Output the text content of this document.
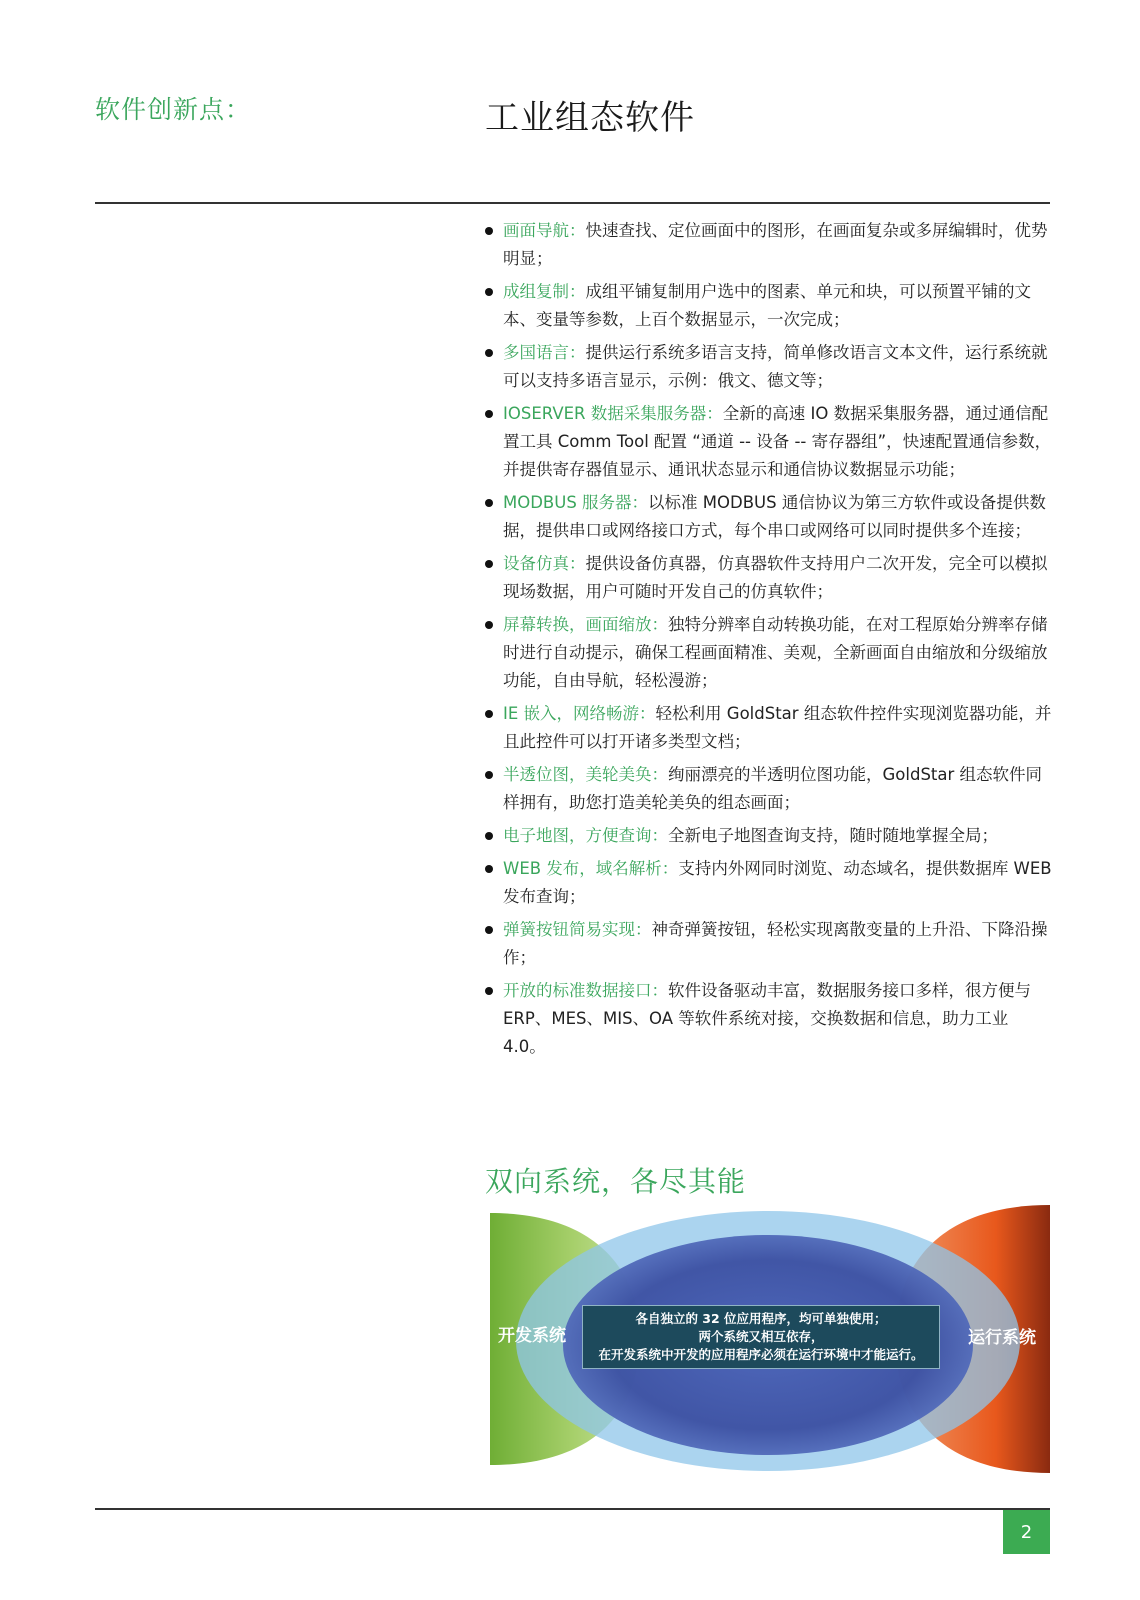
软件创新点：	工业组态软件
画面导航：快速查找、定位画面中的图形，在画面复杂或多屏编辑时，优势明显；
成组复制：成组平铺复制用户选中的图素、单元和块，可以预置平铺的文本、变量等参数，上百个数据显示，一次完成；
多国语言：提供运行系统多语言支持，简单修改语言文本文件，运行系统就可以支持多语言显示，示例：俄文、德文等；
IOSERVER 数据采集服务器：全新的高速 IO 数据采集服务器，通过通信配置工具 Comm Tool 配置 “通道 -- 设备 -- 寄存器组”，快速配置通信参数，并提供寄存器值显示、通讯状态显示和通信协议数据显示功能；
MODBUS 服务器：以标准 MODBUS 通信协议为第三方软件或设备提供数据，提供串口或网络接口方式，每个串口或网络可以同时提供多个连接；
设备仿真：提供设备仿真器，仿真器软件支持用户二次开发，完全可以模拟现场数据，用户可随时开发自己的仿真软件；
屏幕转换，画面缩放：独特分辨率自动转换功能，在对工程原始分辨率存储时进行自动提示，确保工程画面精准、美观，全新画面自由缩放和分级缩放功能，自由导航，轻松漫游；
IE 嵌入，网络畅游：轻松利用 GoldStar 组态软件控件实现浏览器功能，并且此控件可以打开诸多类型文档；
半透位图，美轮美奂：绚丽漂亮的半透明位图功能，GoldStar 组态软件同样拥有，助您打造美轮美奂的组态画面；
电子地图，方便查询：全新电子地图查询支持，随时随地掌握全局；
WEB 发布，域名解析：支持内外网同时浏览、动态域名，提供数据库 WEB 发布查询；
弹簧按钮简易实现：神奇弹簧按钮，轻松实现离散变量的上升沿、下降沿操作；
开放的标准数据接口：软件设备驱动丰富，数据服务接口多样，很方便与 ERP、MES、MIS、OA 等软件系统对接，交换数据和信息，助力工业 4.0。
双向系统，各尽其能
开发系统	运行系统
各自独立的 32 位应用程序，均可单独使用；
两个系统又相互依存，
在开发系统中开发的应用程序必须在运行环境中才能运行。
2
